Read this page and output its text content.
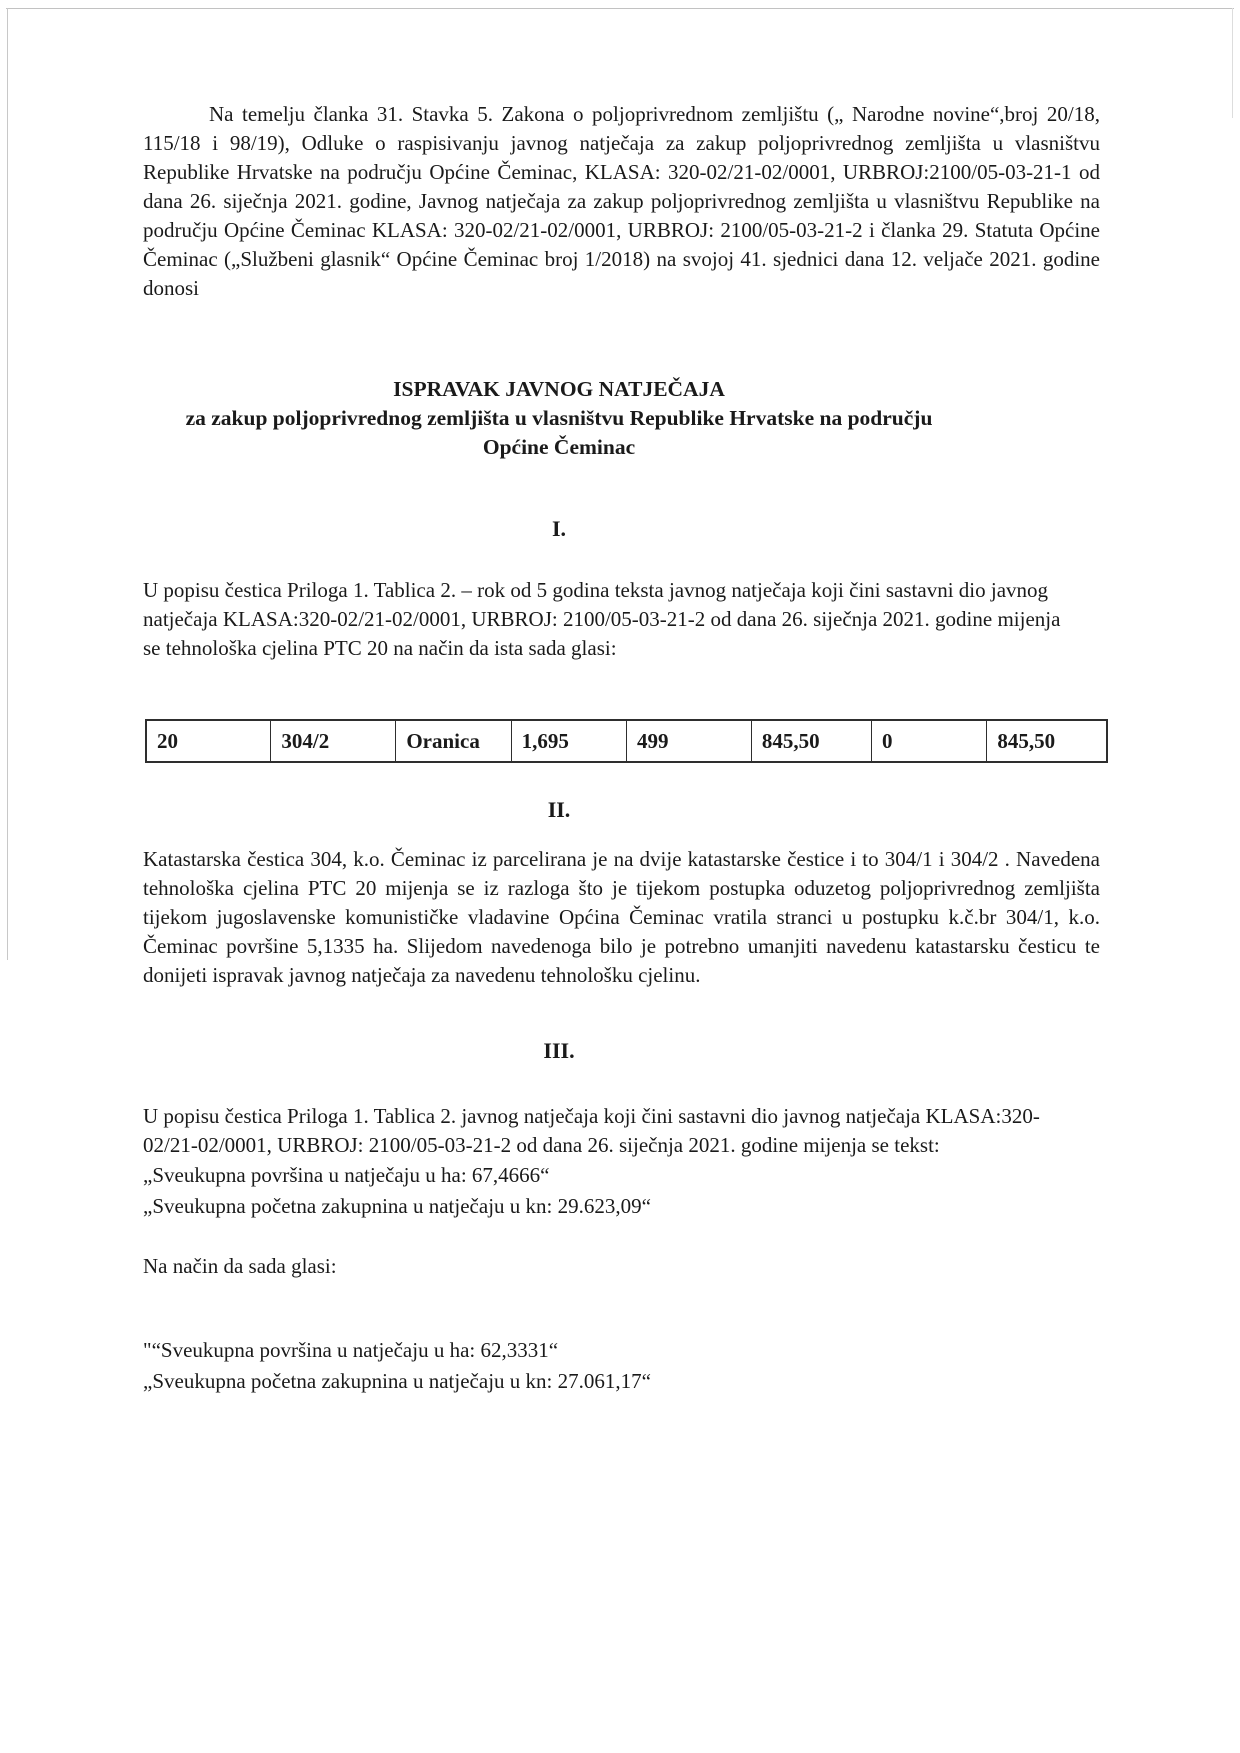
Na temelju članka 31. Stavka 5. Zakona o poljoprivrednom zemljištu („ Narodne novine“,broj 20/18, 115/18 i 98/19), Odluke o raspisivanju javnog natječaja za zakup poljoprivrednog zemljišta u vlasništvu Republike Hrvatske na području Općine Čeminac, KLASA: 320-02/21-02/0001, URBROJ:2100/05-03-21-1 od dana 26. siječnja 2021. godine, Javnog natječaja za zakup poljoprivrednog zemljišta u vlasništvu Republike na području Općine Čeminac KLASA: 320-02/21-02/0001, URBROJ: 2100/05-03-21-2 i članka 29. Statuta Općine Čeminac („Službeni glasnik“ Općine Čeminac broj 1/2018) na svojoj 41. sjednici dana 12. veljače 2021. godine donosi

ISPRAVAK JAVNOG NATJEČAJA
za zakup poljoprivrednog zemljišta u vlasništvu Republike Hrvatske na području
Općine Čeminac
I.

U popisu čestica Priloga 1. Tablica 2. – rok od 5 godina teksta javnog natječaja koji čini sastavni dio javnog natječaja KLASA:320-02/21-02/0001, URBROJ: 2100/05-03-21-2 od dana 26. siječnja 2021. godine mijenja se tehnološka cjelina PTC 20 na način da ista sada glasi:

20	304/2	Oranica	1,695	499	845,50	0	845,50
II.

Katastarska čestica 304, k.o. Čeminac iz parcelirana je na dvije katastarske čestice i to 304/1 i 304/2 . Navedena tehnološka cjelina PTC 20 mijenja se iz razloga što je tijekom postupka oduzetog poljoprivrednog zemljišta tijekom jugoslavenske komunističke vladavine Općina Čeminac vratila stranci u postupku k.č.br 304/1, k.o. Čeminac površine 5,1335 ha. Slijedom navedenoga bilo je potrebno umanjiti navedenu katastarsku česticu te donijeti ispravak javnog natječaja za navedenu tehnološku cjelinu.

III.

U popisu čestica Priloga 1. Tablica 2. javnog natječaja koji čini sastavni dio javnog natječaja KLASA:320-02/21-02/0001, URBROJ: 2100/05-03-21-2 od dana 26. siječnja 2021. godine mijenja se tekst:

„Sveukupna površina u natječaju u ha: 67,4666“

„Sveukupna početna zakupnina u natječaju u kn: 29.623,09“

Na način da sada glasi:

"“Sveukupna površina u natječaju u ha: 62,3331“

„Sveukupna početna zakupnina u natječaju u kn: 27.061,17“
